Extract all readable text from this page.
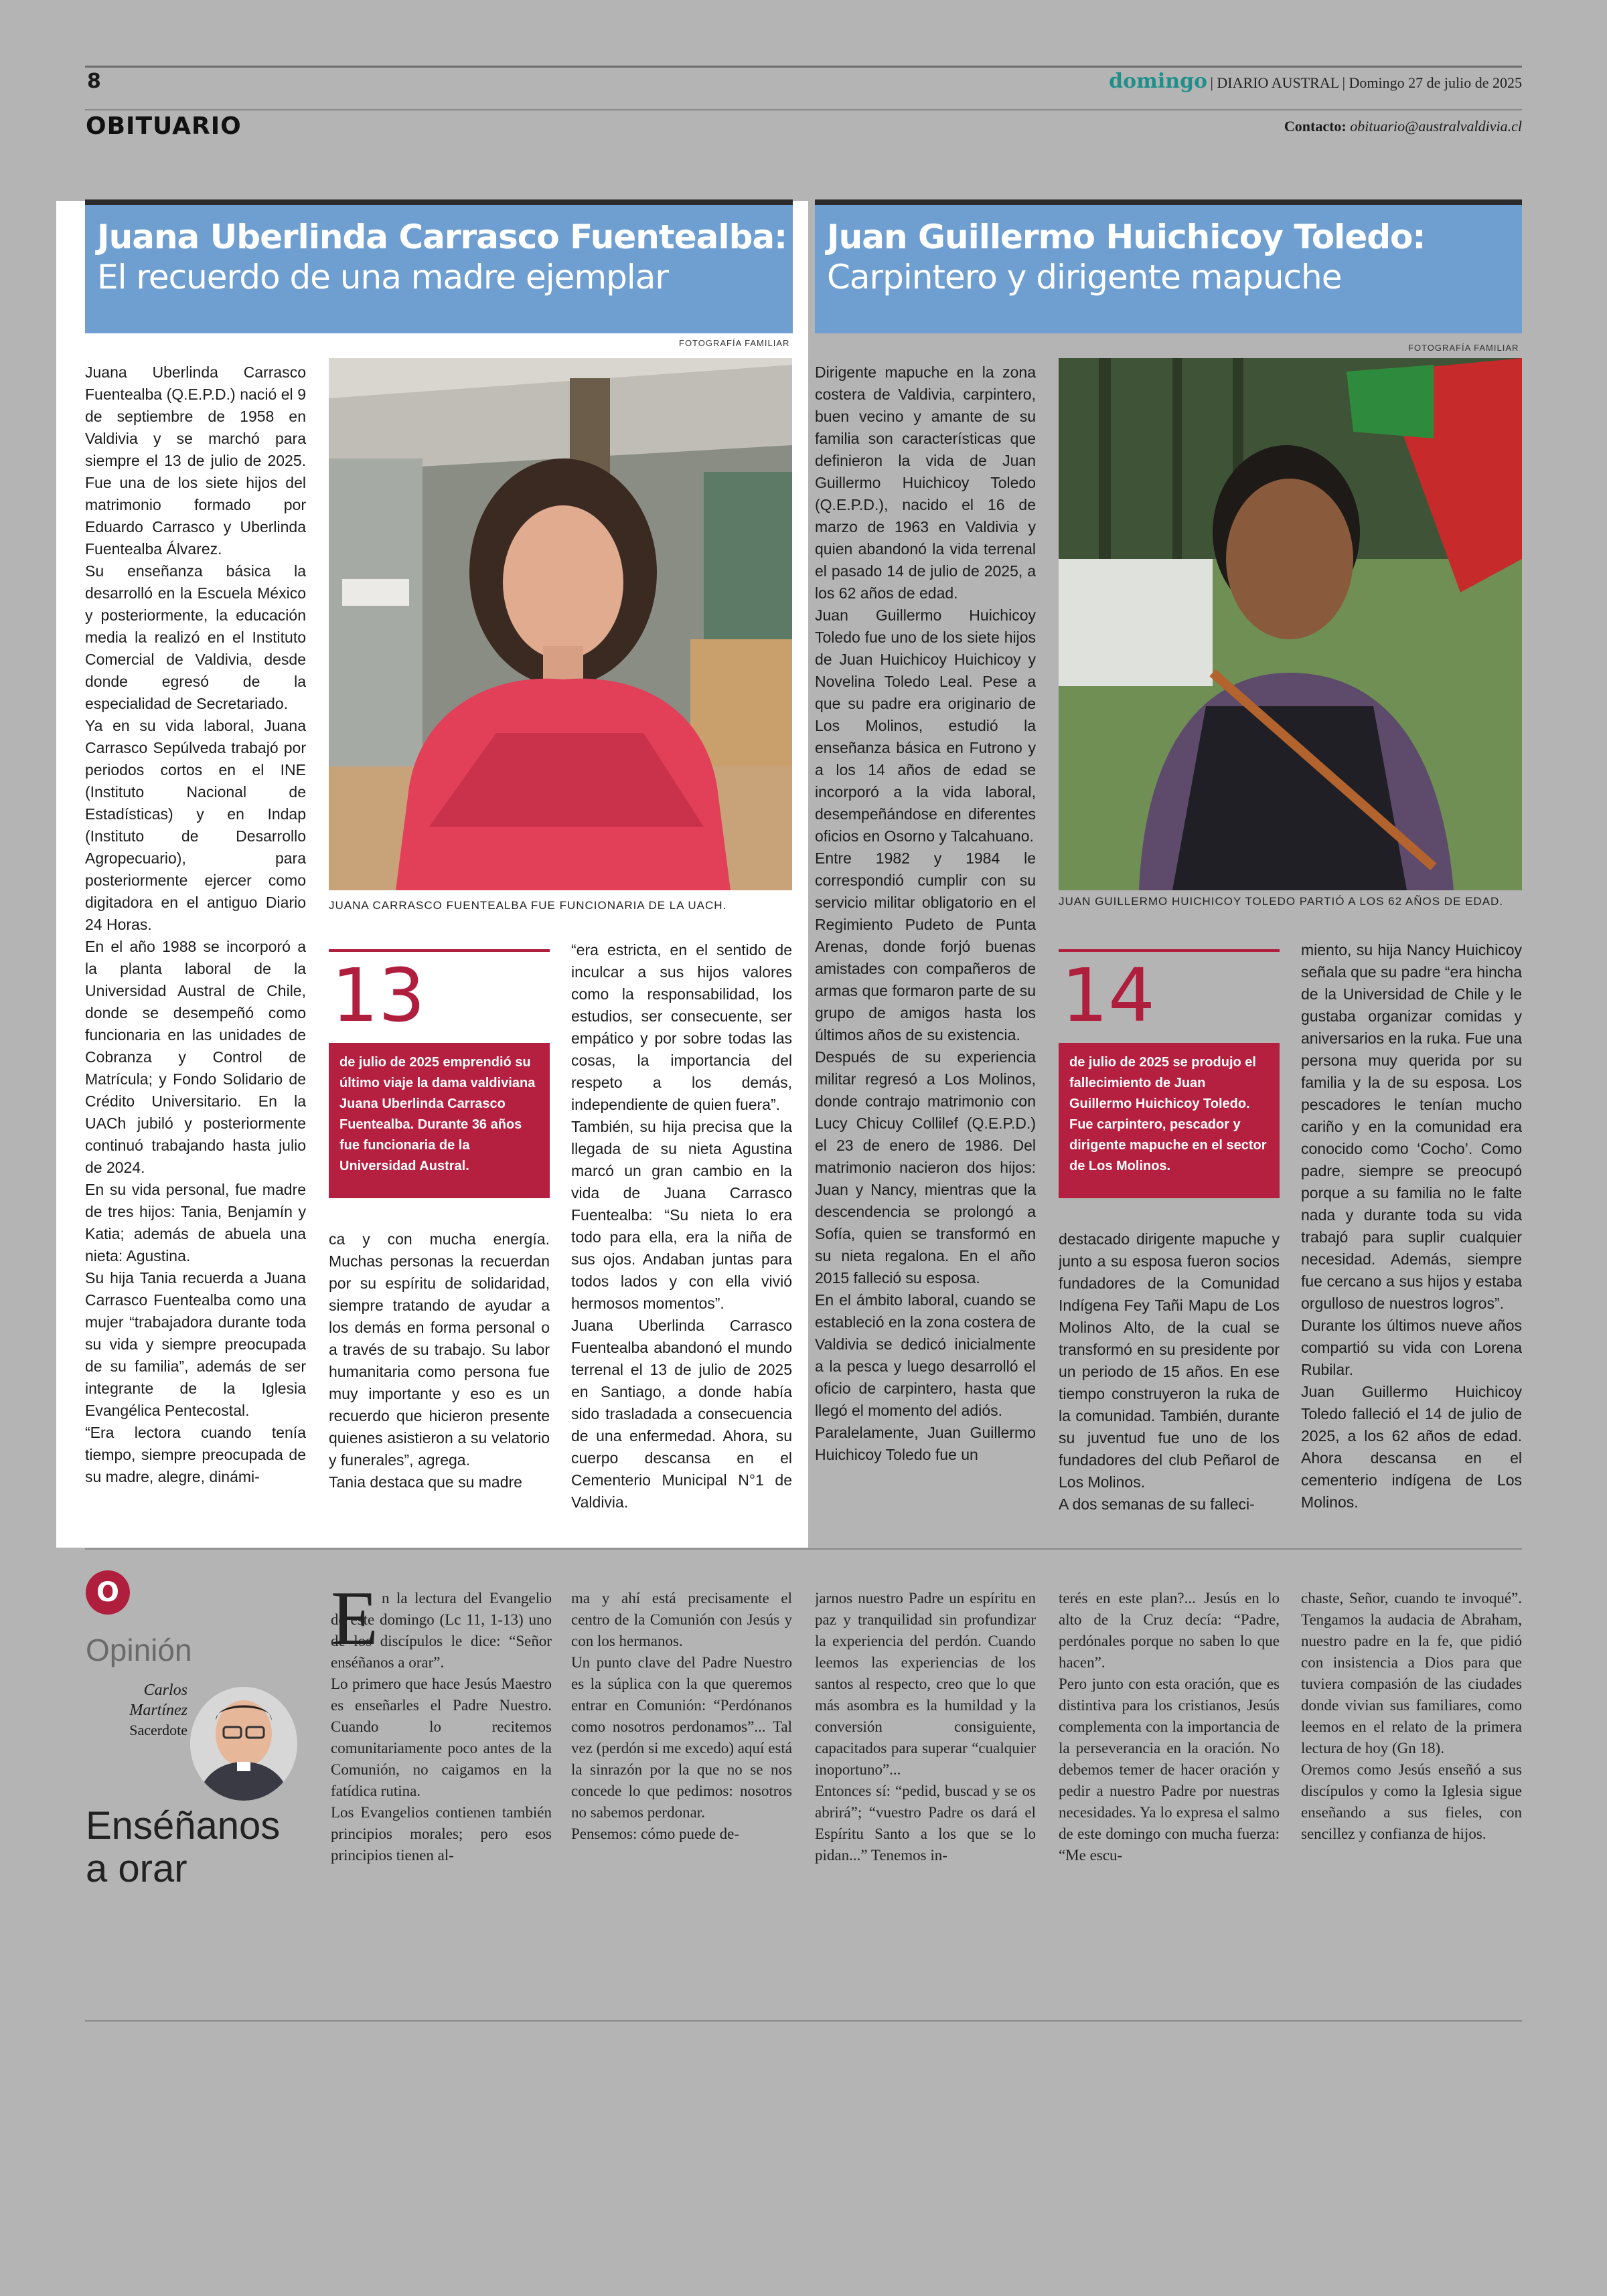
8	domingo | DIARIO AUSTRAL | Domingo 27 de julio de 2025
OBITUARIO	Contacto: obituario@australvaldivia.cl
Juana Uberlinda Carrasco Fuentealba:
El recuerdo de una madre ejemplar
FOTOGRAFÍA FAMILIAR
JUANA CARRASCO FUENTEALBA FUE FUNCIONARIA DE LA UACH.
Juana Uberlinda Carrasco Fuentealba (Q.E.P.D.) nació el 9 de septiembre de 1958 en Valdivia y se marchó para siempre el 13 de julio de 2025. Fue una de los siete hijos del matrimonio formado por Eduardo Carrasco y Uberlinda Fuentealba Álvarez.
Su enseñanza básica la desarrolló en la Escuela México y posteriormente, la educación media la realizó en el Instituto Comercial de Valdivia, desde donde egresó de la especialidad de Secretariado.
Ya en su vida laboral, Juana Carrasco Sepúlveda trabajó por periodos cortos en el INE (Instituto Nacional de Estadísticas) y en Indap (Instituto de Desarrollo Agropecuario), para posteriormente ejercer como digitadora en el antiguo Diario 24 Horas.
En el año 1988 se incorporó a la planta laboral de la Universidad Austral de Chile, donde se desempeñó como funcionaria en las unidades de Cobranza y Control de Matrícula; y Fondo Solidario de Crédito Universitario. En la UACh jubiló y posteriormente continuó trabajando hasta julio de 2024.
En su vida personal, fue madre de tres hijos: Tania, Benjamín y Katia; además de abuela una nieta: Agustina.
Su hija Tania recuerda a Juana Carrasco Fuentealba como una mujer “trabajadora durante toda su vida y siempre preocupada de su familia”, además de ser integrante de la Iglesia Evangélica Pentecostal.
“Era lectora cuando tenía tiempo, siempre preocupada de su madre, alegre, dinámi-
13
de julio de 2025 emprendió su último viaje la dama valdiviana Juana Uberlinda Carrasco Fuentealba. Durante 36 años fue funcionaria de la Universidad Austral.
ca y con mucha energía. Muchas personas la recuerdan por su espíritu de solidaridad, siempre tratando de ayudar a los demás en forma personal o a través de su trabajo. Su labor humanitaria como persona fue muy importante y eso es un recuerdo que hicieron presente quienes asistieron a su velatorio y funerales”, agrega.
Tania destaca que su madre
“era estricta, en el sentido de inculcar a sus hijos valores como la responsabilidad, los estudios, ser consecuente, ser empático y por sobre todas las cosas, la importancia del respeto a los demás, independiente de quien fuera”.
También, su hija precisa que la llegada de su nieta Agustina marcó un gran cambio en la vida de Juana Carrasco Fuentealba: “Su nieta lo era todo para ella, era la niña de sus ojos. Andaban juntas para todos lados y con ella vivió hermosos momentos”.
Juana Uberlinda Carrasco Fuentealba abandonó el mundo terrenal el 13 de julio de 2025 en Santiago, a donde había sido trasladada a consecuencia de una enfermedad. Ahora, su cuerpo descansa en el Cementerio Municipal N°1 de Valdivia.
Juan Guillermo Huichicoy Toledo:
Carpintero y dirigente mapuche
FOTOGRAFÍA FAMILIAR
JUAN GUILLERMO HUICHICOY TOLEDO PARTIÓ A LOS 62 AÑOS DE EDAD.
Dirigente mapuche en la zona costera de Valdivia, carpintero, buen vecino y amante de su familia son características que definieron la vida de Juan Guillermo Huichicoy Toledo (Q.E.P.D.), nacido el 16 de marzo de 1963 en Valdivia y quien abandonó la vida terrenal el pasado 14 de julio de 2025, a los 62 años de edad.
Juan Guillermo Huichicoy Toledo fue uno de los siete hijos de Juan Huichicoy Huichicoy y Novelina Toledo Leal. Pese a que su padre era originario de Los Molinos, estudió la enseñanza básica en Futrono y a los 14 años de edad se incorporó a la vida laboral, desempeñándose en diferentes oficios en Osorno y Talcahuano.
Entre 1982 y 1984 le correspondió cumplir con su servicio militar obligatorio en el Regimiento Pudeto de Punta Arenas, donde forjó buenas amistades con compañeros de armas que formaron parte de su grupo de amigos hasta los últimos años de su existencia.
Después de su experiencia militar regresó a Los Molinos, donde contrajo matrimonio con Lucy Chicuy Collilef (Q.E.P.D.) el 23 de enero de 1986. Del matrimonio nacieron dos hijos: Juan y Nancy, mientras que la descendencia se prolongó a Sofía, quien se transformó en su nieta regalona. En el año 2015 falleció su esposa.
En el ámbito laboral, cuando se estableció en la zona costera de Valdivia se dedicó inicialmente a la pesca y luego desarrolló el oficio de carpintero, hasta que llegó el momento del adiós.
Paralelamente, Juan Guillermo Huichicoy Toledo fue un
14
de julio de 2025 se produjo el fallecimiento de Juan Guillermo Huichicoy Toledo. Fue carpintero, pescador y dirigente mapuche en el sector de Los Molinos.
destacado dirigente mapuche y junto a su esposa fueron socios fundadores de la Comunidad Indígena Fey Tañi Mapu de Los Molinos Alto, de la cual se transformó en su presidente por un periodo de 15 años. En ese tiempo construyeron la ruka de la comunidad. También, durante su juventud fue uno de los fundadores del club Peñarol de Los Molinos.
A dos semanas de su falleci-
miento, su hija Nancy Huichicoy señala que su padre “era hincha de la Universidad de Chile y le gustaba organizar comidas y aniversarios en la ruka. Fue una persona muy querida por su familia y la de su esposa. Los pescadores le tenían mucho cariño y en la comunidad era conocido como ‘Cocho’. Como padre, siempre se preocupó porque a su familia no le falte nada y durante toda su vida trabajó para suplir cualquier necesidad. Además, siempre fue cercano a sus hijos y estaba orgulloso de nuestros logros”.
Durante los últimos nueve años compartió su vida con Lorena Rubilar.
Juan Guillermo Huichicoy Toledo falleció el 14 de julio de 2025, a los 62 años de edad. Ahora descansa en el cementerio indígena de Los Molinos.
O
Opinión
Carlos Martínez
Sacerdote
Enséñanos a orar
E n la lectura del Evangelio de este domingo (Lc 11, 1-13) uno de los discípulos le dice: “Señor enséñanos a orar”.
Lo primero que hace Jesús Maestro es enseñarles el Padre Nuestro. Cuando lo recitemos comunitariamente poco antes de la Comunión, no caigamos en la fatídica rutina.
Los Evangelios contienen también principios morales; pero esos principios tienen al-
ma y ahí está precisamente el centro de la Comunión con Jesús y con los hermanos.
Un punto clave del Padre Nuestro es la súplica con la que queremos entrar en Comunión: “Perdónanos como nosotros perdonamos”... Tal vez (perdón si me excedo) aquí está la sinrazón por la que no se nos concede lo que pedimos: nosotros no sabemos perdonar.
Pensemos: cómo puede de-
jarnos nuestro Padre un espíritu en paz y tranquilidad sin profundizar la experiencia del perdón. Cuando leemos las experiencias de los santos al respecto, creo que lo que más asombra es la humildad y la conversión consiguiente, capacitados para superar “cualquier inoportuno”...
Entonces sí: “pedid, buscad y se os abrirá”; “vuestro Padre os dará el Espíritu Santo a los que se lo pidan...” Tenemos in-
terés en este plan?... Jesús en lo alto de la Cruz decía: “Padre, perdónales porque no saben lo que hacen”.
Pero junto con esta oración, que es distintiva para los cristianos, Jesús complementa con la importancia de la perseverancia en la oración. No debemos temer de hacer oración y pedir a nuestro Padre por nuestras necesidades. Ya lo expresa el salmo de este domingo con mucha fuerza: “Me escu-
chaste, Señor, cuando te invoqué”. Tengamos la audacia de Abraham, nuestro padre en la fe, que pidió con insistencia a Dios para que tuviera compasión de las ciudades donde vivian sus familiares, como leemos en el relato de la primera lectura de hoy (Gn 18).
Oremos como Jesús enseñó a sus discípulos y como la Iglesia sigue enseñando a sus fieles, con sencillez y confianza de hijos.
